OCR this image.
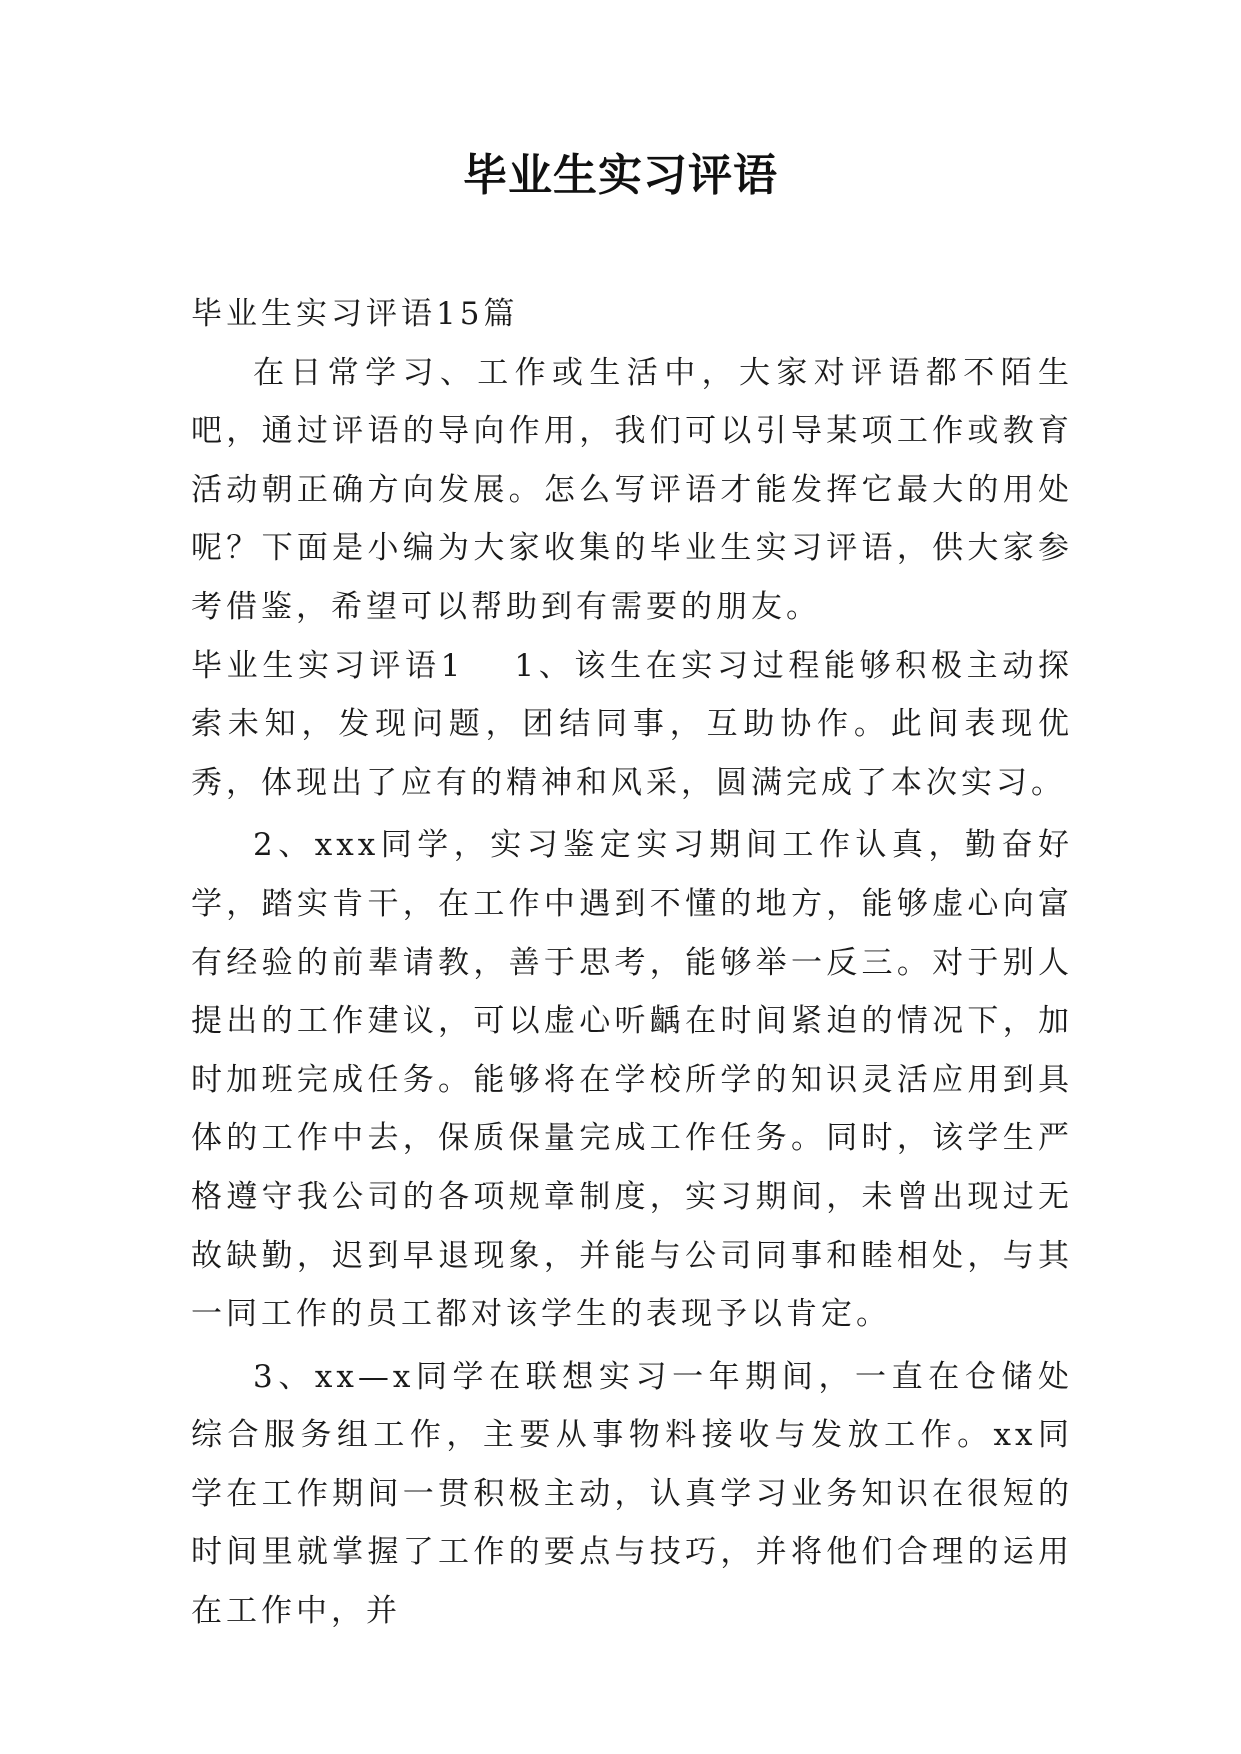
毕业生实习评语

毕业生实习评语15篇

在日常学习、工作或生活中，大家对评语都不陌生吧，通过评语的导向作用，我们可以引导某项工作或教育活动朝正确方向发展。怎么写评语才能发挥它最大的用处呢？下面是小编为大家收集的毕业生实习评语，供大家参考借鉴，希望可以帮助到有需要的朋友。

毕业生实习评语1 1、该生在实习过程能够积极主动探索未知，发现问题，团结同事，互助协作。此间表现优秀，体现出了应有的精神和风采，圆满完成了本次实习。

2、xxx同学，实习鉴定实习期间工作认真，勤奋好学，踏实肯干，在工作中遇到不懂的地方，能够虚心向富有经验的前辈请教，善于思考，能够举一反三。对于别人提出的工作建议，可以虚心听齲在时间紧迫的情况下，加时加班完成任务。能够将在学校所学的知识灵活应用到具体的工作中去，保质保量完成工作任务。同时，该学生严格遵守我公司的各项规章制度，实习期间，未曾出现过无故缺勤，迟到早退现象，并能与公司同事和睦相处，与其一同工作的员工都对该学生的表现予以肯定。

3、xx—x同学在联想实习一年期间，一直在仓储处综合服务组工作，主要从事物料接收与发放工作。xx同学在工作期间一贯积极主动，认真学习业务知识在很短的时间里就掌握了工作的要点与技巧，并将他们合理的运用在工作中，并
